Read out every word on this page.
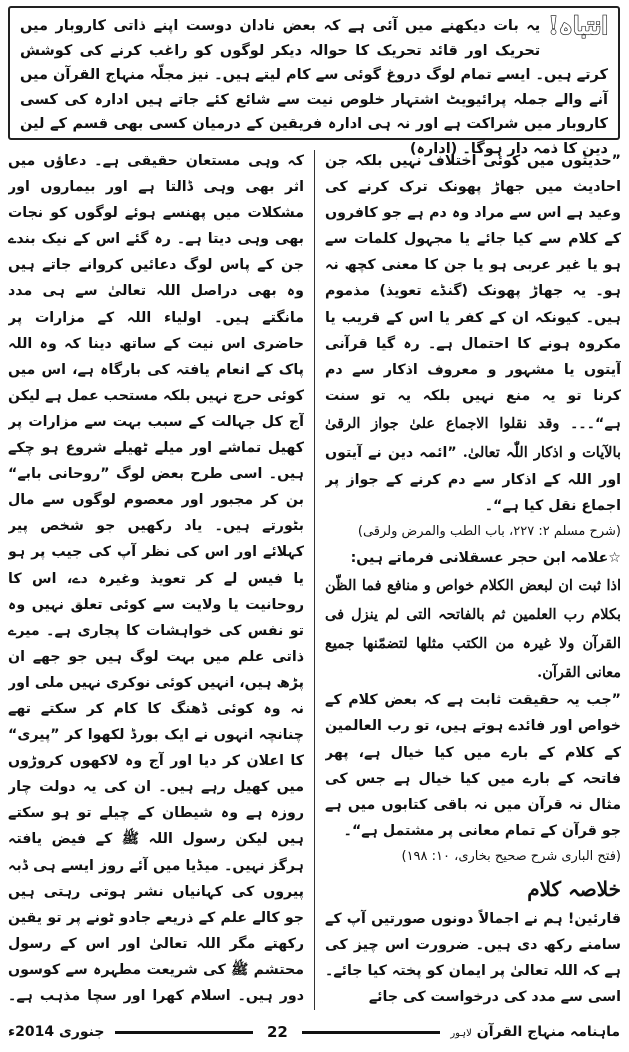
انتباہ!
یہ بات دیکھنے میں آئی ہے کہ بعض نادان دوست اپنے ذاتی کاروبار میں تحریک اور قائد تحریک کا حوالہ دیکر لوگوں کو راغب کرنے کی کوشش کرتے ہیں۔ ایسے تمام لوگ دروغ گوئی سے کام لیتے ہیں۔ نیز مجلّہ منہاج القرآن میں آنے والے جملہ پرائیویٹ اشتہار خلوص نیت سے شائع کئے جاتے ہیں ادارہ کی کسی کاروبار میں شراکت ہے اور نہ ہی ادارہ فریقین کے درمیان کسی بھی قسم کے لین دین کا ذمہ دار ہوگا۔ (ادارہ)

”حدیثوں میں کوئی اختلاف نہیں بلکہ جن احادیث میں جھاڑ پھونک ترک کرنے کی وعید ہے اس سے مراد وہ دم ہے جو کافروں کے کلام سے کیا جائے یا مجہول کلمات سے ہو یا غیر عربی ہو یا جن کا معنی کچھ نہ ہو۔ یہ جھاڑ پھونک (گنڈے تعویذ) مذموم ہیں۔ کیونکہ ان کے کفر یا اس کے قریب یا مکروہ ہونے کا احتمال ہے۔ رہ گیا قرآنی آیتوں یا مشہور و معروف اذکار سے دم کرنا تو یہ منع نہیں بلکہ یہ تو سنت ہے“۔۔۔ وقد نقلوا الاجماع علیٰ جواز الرقیٰ بالآیات و اذکار اللّٰہ تعالیٰ. ”ائمہ دین نے آیتوں اور اللہ کے اذکار سے دم کرنے کے جواز پر اجماع نقل کیا ہے“۔

(شرح مسلم ۲: ۲۲۷، باب الطب والمرض ولرقی)

☆علامہ ابن حجر عسقلانی فرماتے ہیں:

اذا ثبت ان لبعض الکلام خواص و منافع فما الظّن بکلام رب العلمین ثم بالفاتحہ التی لم ینزل فی القرآن ولا غیرہ من الکتب مثلھا لتضمّنھا جمیع معانی القرآن.

”جب یہ حقیقت ثابت ہے کہ بعض کلام کے خواص اور فائدے ہوتے ہیں، تو رب العالمین کے کلام کے بارے میں کیا خیال ہے، پھر فاتحہ کے بارے میں کیا خیال ہے جس کی مثال نہ قرآن میں نہ باقی کتابوں میں ہے جو قرآن کے تمام معانی پر مشتمل ہے“۔

(فتح الباری شرح صحیح بخاری، ۱۰: ۱۹۸)

خلاصہ کلام

قارئین! ہم نے اجمالاً دونوں صورتیں آپ کے سامنے رکھ دی ہیں۔ ضرورت اس چیز کی ہے کہ اللہ تعالیٰ پر ایمان کو پختہ کیا جائے۔ اسی سے مدد کی درخواست کی جائے

کہ وہی مستعان حقیقی ہے۔ دعاؤں میں اثر بھی وہی ڈالتا ہے اور بیماروں اور مشکلات میں پھنسے ہوئے لوگوں کو نجات بھی وہی دیتا ہے۔ رہ گئے اس کے نیک بندے جن کے پاس لوگ دعائیں کروانے جاتے ہیں وہ بھی دراصل اللہ تعالیٰ سے ہی مدد مانگتے ہیں۔ اولیاء اللہ کے مزارات پر حاضری اس نیت کے ساتھ دینا کہ وہ اللہ پاک کے انعام یافتہ کی بارگاہ ہے، اس میں کوئی حرج نہیں بلکہ مستحب عمل ہے لیکن آج کل جہالت کے سبب بہت سے مزارات پر کھیل تماشے اور میلے ٹھیلے شروع ہو چکے ہیں۔ اسی طرح بعض لوگ ”روحانی بابے“ بن کر مجبور اور معصوم لوگوں سے مال بٹورتے ہیں۔ یاد رکھیں جو شخص پیر کہلائے اور اس کی نظر آپ کی جیب پر ہو یا فیس لے کر تعویذ وغیرہ دے، اس کا روحانیت یا ولایت سے کوئی تعلق نہیں وہ تو نفس کی خواہشات کا پجاری ہے۔ میرے ذاتی علم میں بہت لوگ ہیں جو جھے ان پڑھ ہیں، انہیں کوئی نوکری نہیں ملی اور نہ وہ کوئی ڈھنگ کا کام کر سکتے تھے چنانچہ انہوں نے ایک بورڈ لکھوا کر ”پیری“ کا اعلان کر دیا اور آج وہ لاکھوں کروڑوں میں کھیل رہے ہیں۔ ان کی یہ دولت چار روزہ ہے وہ شیطان کے چیلے تو ہو سکتے ہیں لیکن رسول اللہ ﷺ کے فیض یافتہ ہرگز نہیں۔ میڈیا میں آئے روز ایسے ہی ڈبہ پیروں کی کہانیاں نشر ہوتی رہتی ہیں جو کالے علم کے ذریعے جادو ٹونے پر تو یقین رکھتے مگر اللہ تعالیٰ اور اس کے رسول محتشم ﷺ کی شریعت مطہرہ سے کوسوں دور ہیں۔ اسلام کھرا اور سچا مذہب ہے۔

جنوری 2014ء	22	ماہنامہ منہاج القرآن لاہور
